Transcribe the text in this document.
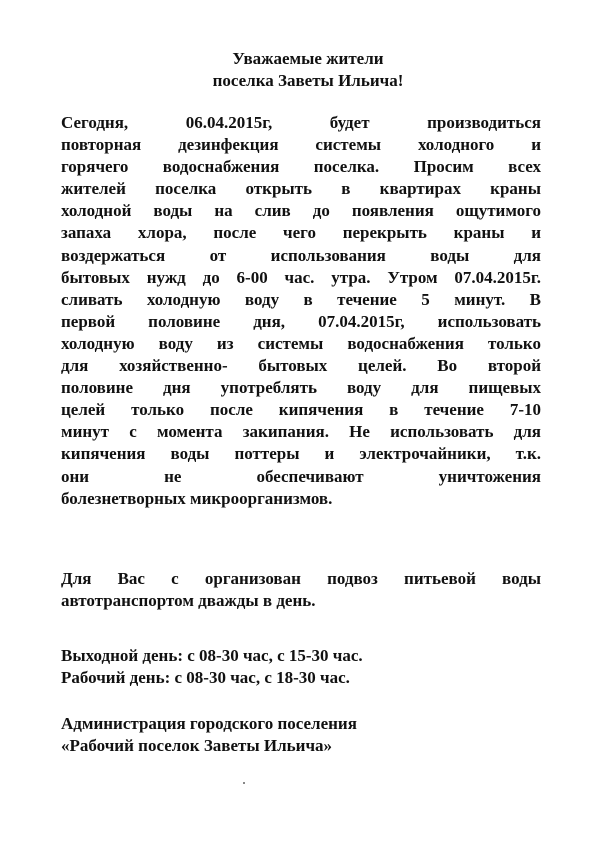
Уважаемые жители
поселка Заветы Ильича!
Сегодня, 06.04.2015г, будет производиться
повторная дезинфекция системы холодного и
горячего водоснабжения поселка. Просим всех
жителей поселка открыть в квартирах краны
холодной воды на слив до появления ощутимого
запаха хлора, после чего перекрыть краны и
воздержаться от использования воды для
бытовых нужд до 6-00 час. утра. Утром 07.04.2015г.
сливать холодную воду в течение 5 минут. В
первой половине дня, 07.04.2015г, использовать
холодную воду из системы водоснабжения только
для хозяйственно- бытовых целей. Во второй
половине дня употреблять воду для пищевых
целей только после кипячения в течение 7-10
минут с момента закипания. Не использовать для
кипячения воды поттеры и электрочайники, т.к.
они не обеспечивают уничтожения
болезнетворных микроорганизмов.
Для Вас с организован подвоз питьевой воды
автотранспортом дважды в день.
Выходной день: с 08-30 час, с 15-30 час.
Рабочий день: с 08-30 час, с 18-30 час.
Администрация городского поселения
«Рабочий поселок Заветы Ильича»
